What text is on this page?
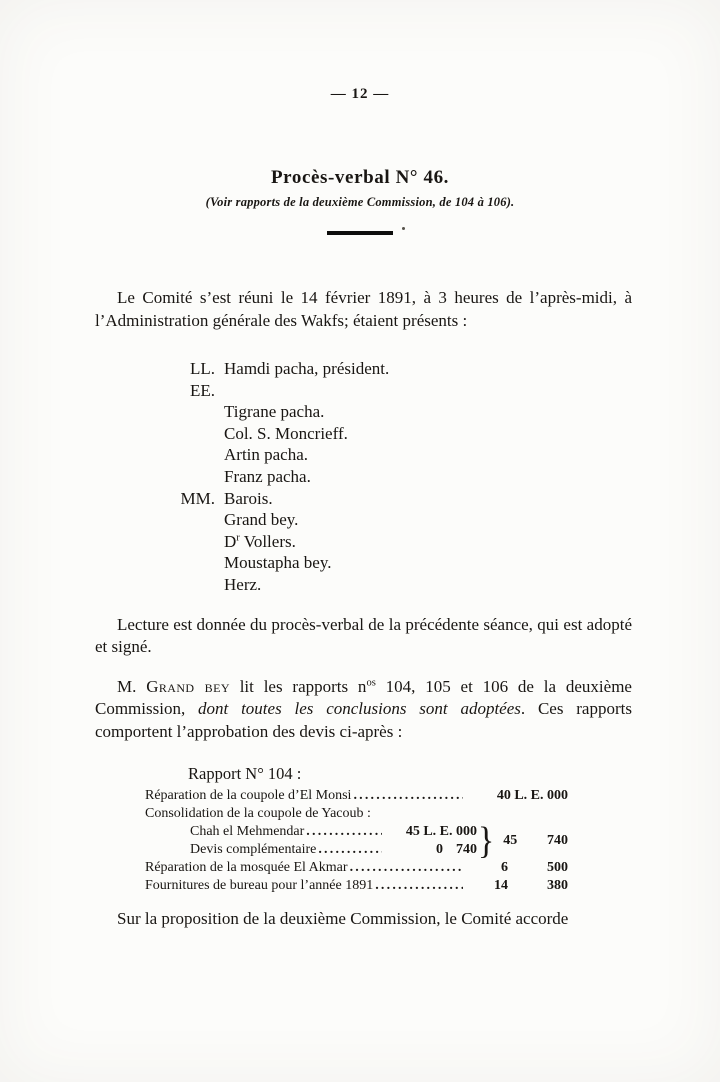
— 12 —
Procès-verbal N° 46.
(Voir rapports de la deuxième Commission, de 104 à 106).

Le Comité s’est réuni le 14 février 1891, à 3 heures de l’après-midi, à l’Administration générale des Wakfs; étaient présents :

LL. EE.
Hamdi pacha, président.
Tigrane pacha.
Col. S. Moncrieff.
Artin pacha.
Franz pacha.
MM. Barois.
Grand bey.
$D^r$ Vollers.
Moustapha bey.
Herz.

Lecture est donnée du procès-verbal de la précédente séance, qui est adopté et signé.

M. Grand bey lit les rapports $n^{os}$ 104, 105 et 106 de la deuxième Commission, dont toutes les conclusions sont adoptées. Ces rapports comportent l’approbation des devis ci-après :

Rapport N° 104 :
Réparation de la coupole d’El Monsi .....	40 L. E. 000
Consolidation de la coupole de Yacoub :
Chah el Mehmendar .....	45 L. E. 000
Devis complémentaire .....	0 740 } 45 740
Réparation de la mosquée El Akmar .....	6	500
Fournitures de bureau pour l’année 1891 .....	14	380

Sur la proposition de la deuxième Commission, le Comité accorde
